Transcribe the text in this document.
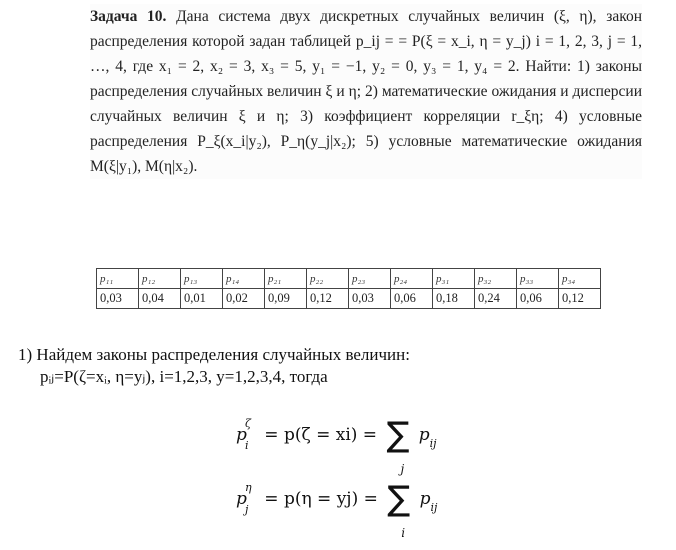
Задача 10. Дана система двух дискретных случайных величин (ξ, η), закон распределения которой задан таблицей p_ij = = P(ξ = x_i, η = y_j) i = 1, 2, 3, j = 1, …, 4, где x₁ = 2, x₂ = 3, x₃ = 5, y₁ = −1, y₂ = 0, y₃ = 1, y₄ = 2. Найти: 1) законы распределения случайных величин ξ и η; 2) математические ожидания и дисперсии случайных величин ξ и η; 3) коэффициент корреляции r_ξη; 4) условные распределения P_ξ(x_i|y₂), P_η(y_j|x₂); 5) условные математические ожидания M(ξ|y₁), M(η|x₂).

p₁₁	p₁₂	p₁₃	p₁₄	p₂₁	p₂₂	p₂₃	p₂₄	p₃₁	p₃₂	p₃₃	p₃₄
0,03	0,04	0,01	0,02	0,09	0,12	0,03	0,06	0,18	0,24	0,06	0,12

1) Найдем законы распределения случайных величин:

pᵢⱼ=P(ζ=xᵢ, η=yⱼ), i=1,2,3, y=1,2,3,4, тогда

p
ζ
i
= p(ζ = xi) = ∑
j
$p_{ij}$
p
η
j
= p(η = yj) = ∑
i
$p_{ij}$
